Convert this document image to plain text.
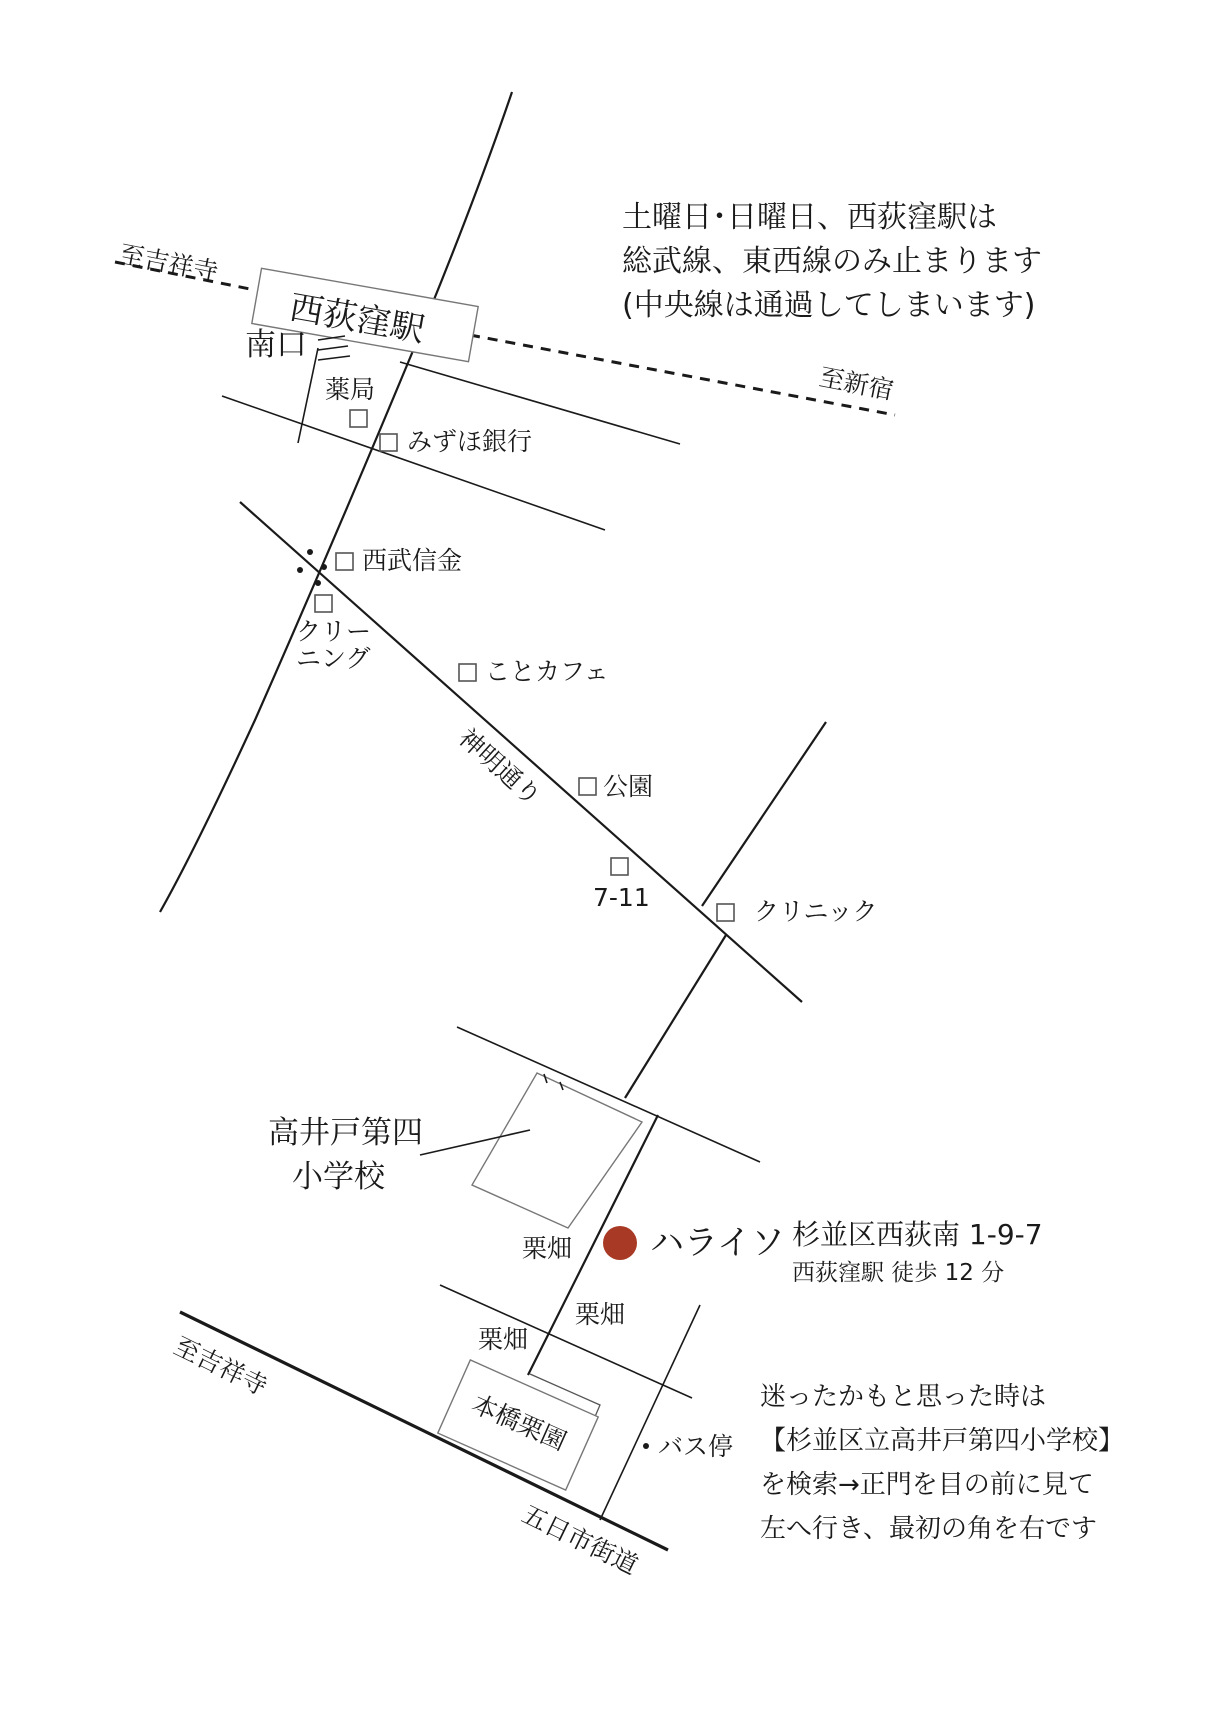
至吉祥寺
至新宿
西荻窪駅
南口
薬局
みずほ銀行
西武信金
クリー
ニング	ことカフェ
神明通り 公園
7-11	クリニック
高井戸第四
小学校
栗畑
栗畑
栗畑
本橋栗園	バス停
至吉祥寺
五日市街道
ハライソ
土曜日･日曜日、西荻窪駅は
総武線、東西線のみ止まります
(中央線は通過してしまいます)
杉並区西荻南 1-9-7
西荻窪駅 徒歩 12 分
迷ったかもと思った時は
【杉並区立高井戸第四小学校】
を検索→正門を目の前に見て
左へ行き、最初の角を右です
